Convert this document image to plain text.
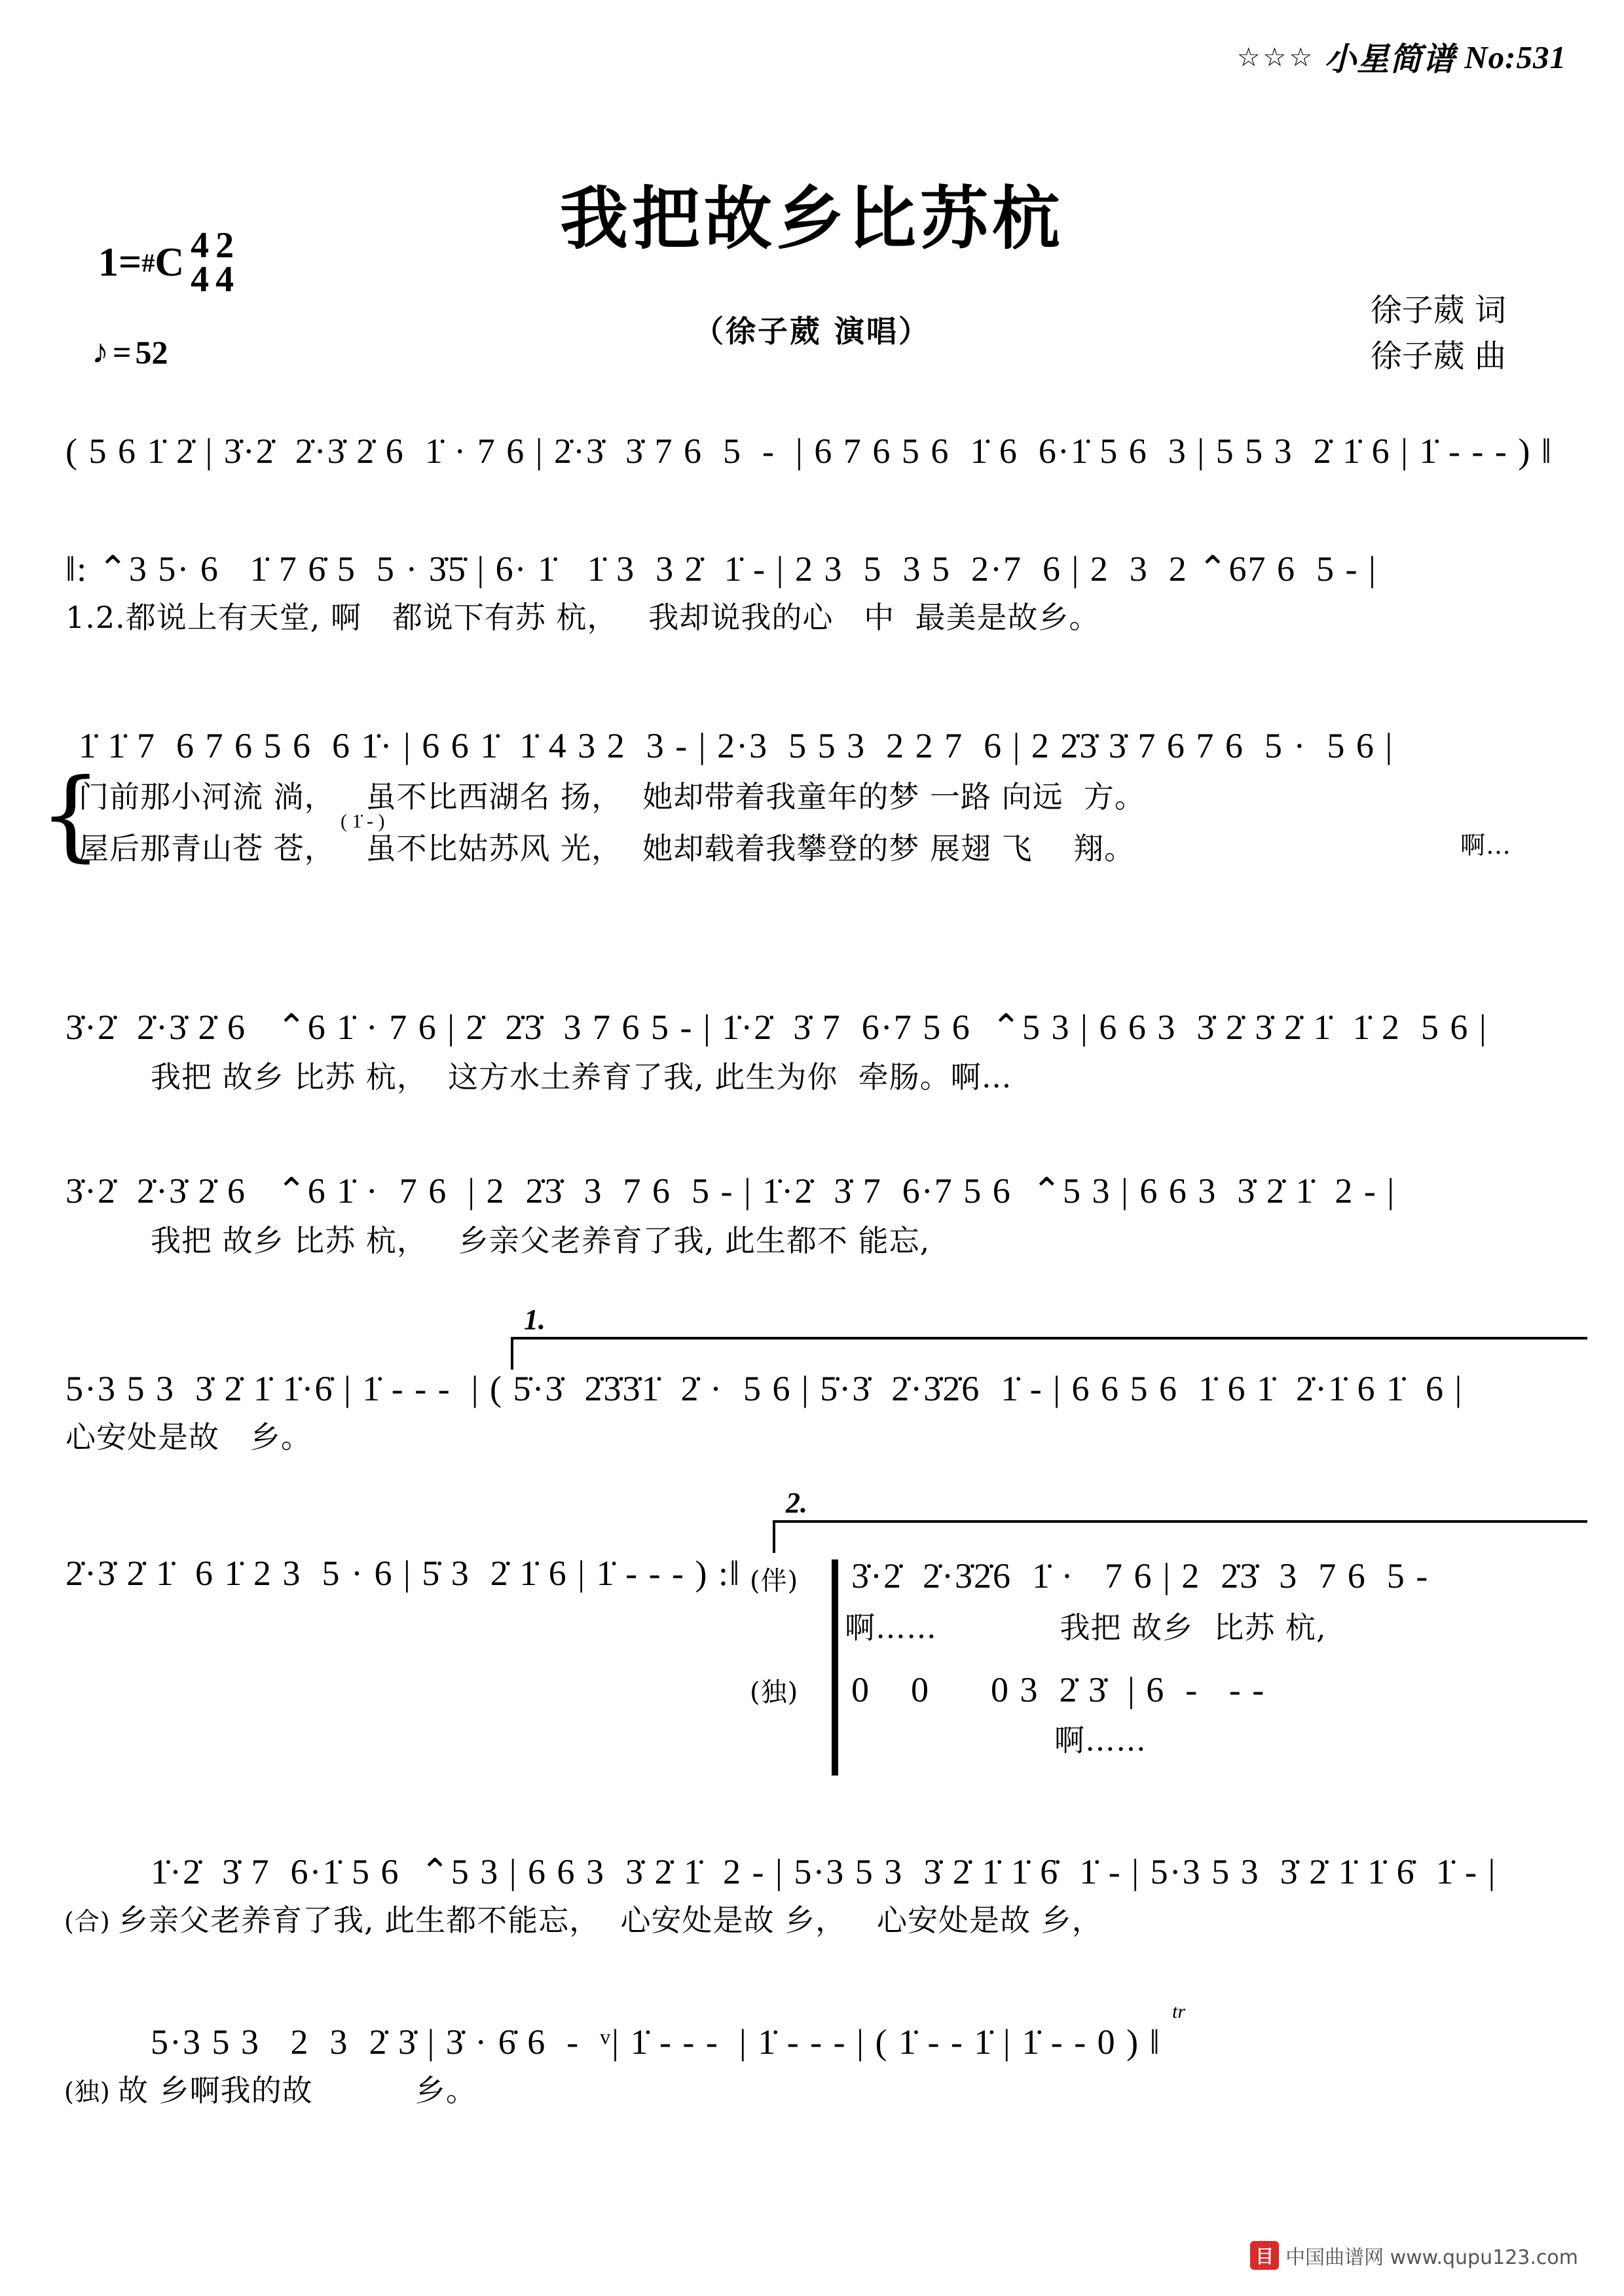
☆☆☆ 小星简谱 No:531
我把故乡比苏杭
（徐子葳 演唱）
1= # C 4
4
2
4
♪ = 52
徐子葳 词
徐子葳 曲
( 5 6 1̇ 2̇ | 3̇·2̇  2̇·3̇ 2̇ 6  1̇ · 7 6 | 2̇·3̇  3̇ 7 6  5  -  | 6 7 6 5 6  1̇ 6  6·1̇ 5 6  3 | 5 5 3  2̇ 1̇ 6 | 1̇ - - - ) ‖
‖: ⌃3 5· 6   1̇ 7 6̇ 5  5 · 3̇5̇ | 6· 1̇   1̇ 3  3 2̇  1̇ - | 2 3  5  3 5  2·7  6 | 2  3  2 ⌃67 6  5 - |
1.2.都说上有天堂, 啊   都说下有苏 杭，   我却说我的心   中  最美是故乡。
1̇ 1̇ 7  6 7 6 5 6  6 1̇· | 6 6 1̇  1̇ 4 3 2  3 - | 2·3  5 5 3  2 2 7  6 | 2 2̇3̇ 3̇ 7 6 7 6  5 ·  5 6 |
{
门前那小河流 淌，   虽不比西湖名 扬，  她却带着我童年的梦 一路 向远  方。
( 1̇ - )
屋后那青山苍 苍，   虽不比姑苏风 光，  她却载着我攀登的梦 展翅 飞    翔。	啊…
3̇·2̇  2̇·3̇ 2̇ 6   ⌃6 1̇ · 7 6 | 2̇  2̇3̇  3 7 6 5 - | 1̇·2̇  3̇ 7  6·7 5 6  ⌃5 3 | 6 6 3  3̇ 2̇ 3̇ 2̇ 1̇  1̇ 2  5 6 |
我把 故乡 比苏 杭，  这方水土养育了我, 此生为你  牵肠。啊…
3̇·2̇  2̇·3̇ 2̇ 6   ⌃6 1̇ ·  7 6  | 2  2̇3̇  3  7 6  5 - | 1̇·2̇  3̇ 7  6·7 5 6  ⌃5 3 | 6 6 3  3̇ 2̇ 1̇  2 - |
我把 故乡 比苏 杭，   乡亲父老养育了我, 此生都不 能忘,
1.
5·3 5 3  3̇ 2̇ 1̇ 1̇·6̇ | 1̇ - - -  | ( 5̇·3̇  2̇3̇3̇1̇  2̇ ·  5 6 | 5̇·3̇  2̇·3̇2̇6  1̇ - | 6 6 5 6  1̇ 6 1̇  2̇·1̇ 6 1̇  6 |
心安处是故   乡。
2.
2̇·3̇ 2̇ 1̇  6 1̇ 2 3  5 · 6 | 5̇ 3  2̇ 1̇ 6 | 1̇ - - - ) :‖ (伴) 3̇·2̇  2̇·3̇2̇6  1̇ ·   7 6 | 2  2̇3̇  3  7 6  5 -
啊……            我把 故乡  比苏 杭,
(独) 0    0      0 3  2̇ 3̇  | 6  -   - -
啊……
1̇·2̇  3̇ 7  6·1̇ 5 6  ⌃5 3 | 6 6 3  3̇ 2̇ 1̇  2 - | 5·3 5 3  3̇ 2̇ 1̇ 1̇ 6̇  1̇ - | 5·3 5 3  3̇ 2̇ 1̇ 1̇ 6̇  1̇ - |
(合) 乡亲父老养育了我, 此生都不能忘，  心安处是故 乡，   心安处是故 乡，
tr
5·3 5 3   2  3  2̇ 3̇ | 3̇ · 6̇ 6  -  ᵛ| 1̇ - - -  | 1̇ - - - | ( 1̇ - - 1̇ | 1̇ - - 0 ) ‖
(独) 故 乡啊我的故          乡。
目 中国曲谱网 www.qupu123.com
